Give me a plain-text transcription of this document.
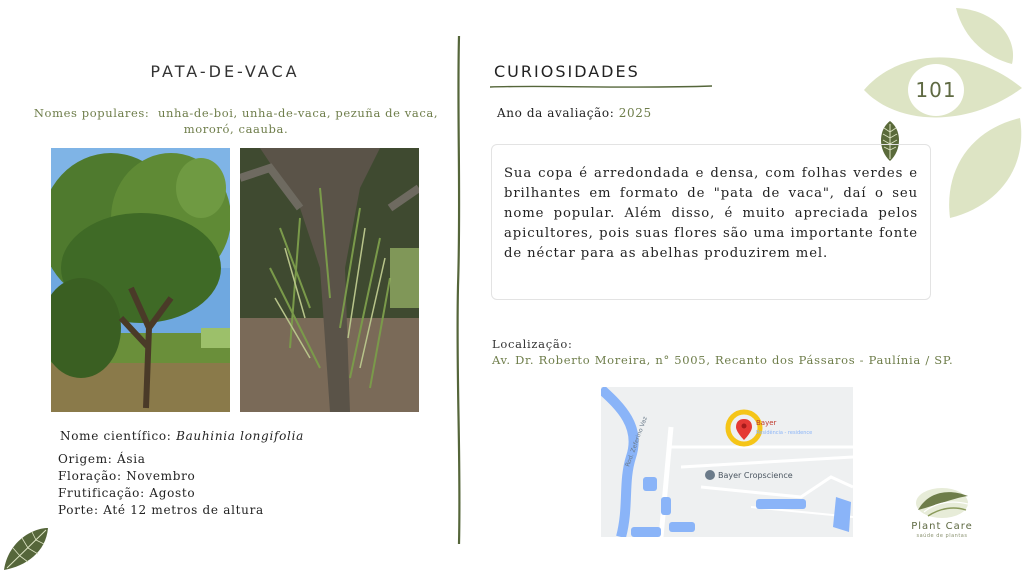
101
PATA-DE-VACA
Nomes populares: unha-de-boi, unha-de-vaca, pezuña de vaca, mororó, caauba.
Nome científico: Bauhinia longifolia
Origem: Ásia
Floração: Novembro
Frutificação: Agosto
Porte: Até 12 metros de altura
CURIOSIDADES
Ano da avaliação: 2025
Sua copa é arredondada e densa, com folhas verdes e brilhantes em formato de "pata de vaca", daí o seu nome popular. Além disso, é muito apreciada pelos apicultores, pois suas flores são uma importante fonte de néctar para as abelhas produzirem mel.
Localização:
Av. Dr. Roberto Moreira, n° 5005, Recanto dos Pássaros - Paulínia / SP.
Bayer
Residência - residence
Bayer Cropscience
Rod. Zeferino Vaz
Plant Care
saúde de plantas
